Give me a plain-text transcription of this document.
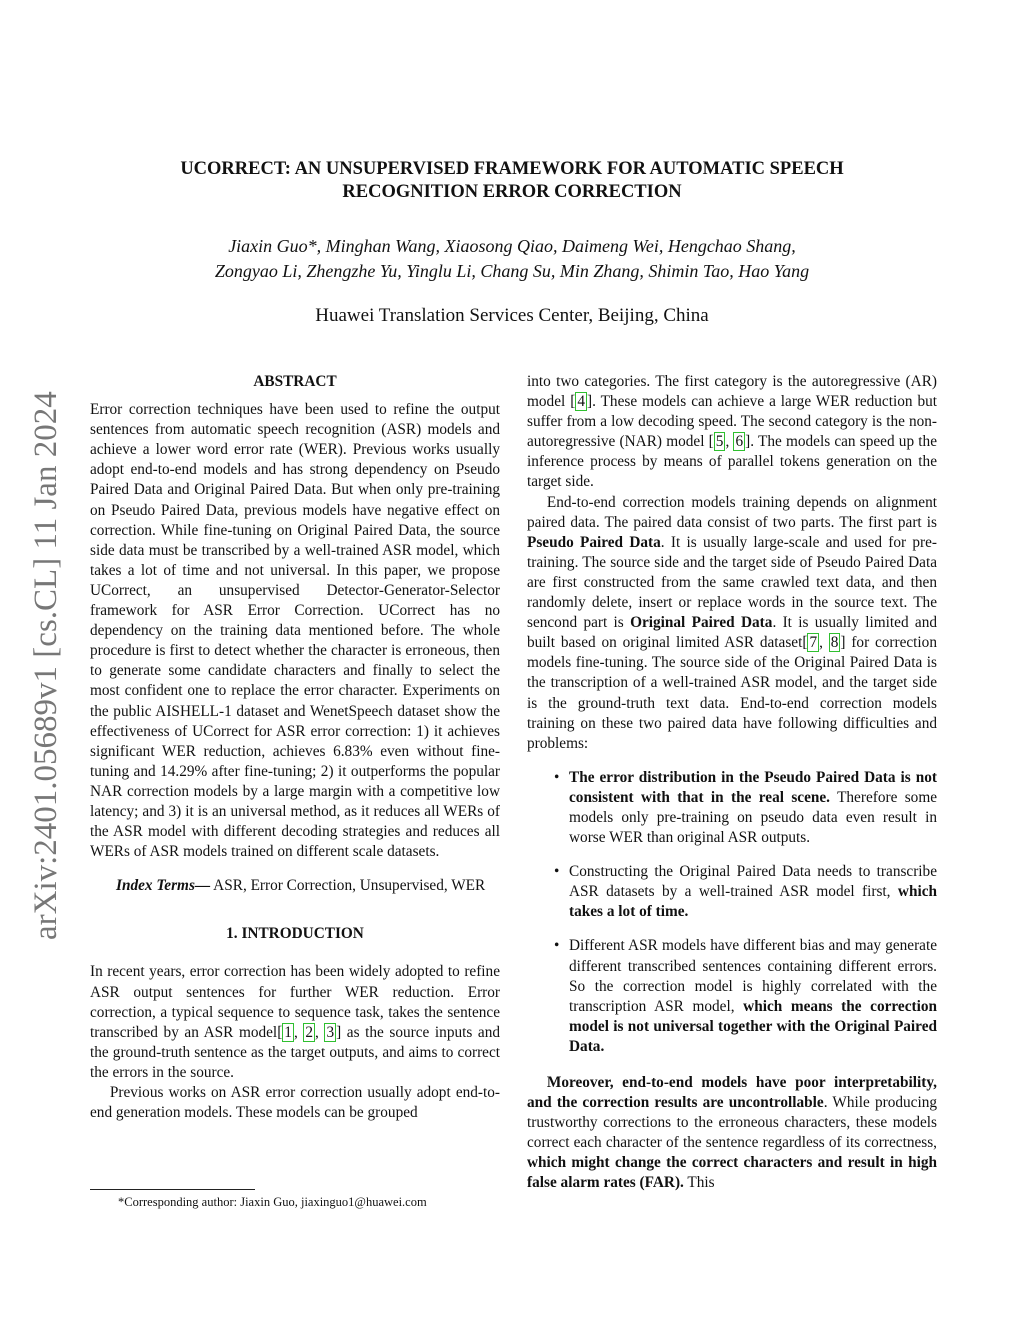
UCORRECT: AN UNSUPERVISED FRAMEWORK FOR AUTOMATIC SPEECH
RECOGNITION ERROR CORRECTION
Jiaxin Guo*, Minghan Wang, Xiaosong Qiao, Daimeng Wei, Hengchao Shang,
Zongyao Li, Zhengzhe Yu, Yinglu Li, Chang Su, Min Zhang, Shimin Tao, Hao Yang
Huawei Translation Services Center, Beijing, China
arXiv:2401.05689v1 [cs.CL] 11 Jan 2024
ABSTRACT

Error correction techniques have been used to refine the output sentences from automatic speech recognition (ASR) models and achieve a lower word error rate (WER). Previous works usually adopt end-to-end models and has strong dependency on Pseudo Paired Data and Original Paired Data. But when only pre-training on Pseudo Paired Data, previous models have negative effect on correction. While fine-tuning on Original Paired Data, the source side data must be transcribed by a well-trained ASR model, which takes a lot of time and not universal. In this paper, we propose UCorrect, an unsupervised Detector-Generator-Selector framework for ASR Error Correction. UCorrect has no dependency on the training data mentioned before. The whole procedure is first to detect whether the character is erroneous, then to generate some candidate characters and finally to select the most confident one to replace the error character. Experiments on the public AISHELL-1 dataset and WenetSpeech dataset show the effectiveness of UCorrect for ASR error correction: 1) it achieves significant WER reduction, achieves 6.83% even without fine-tuning and 14.29% after fine-tuning; 2) it outperforms the popular NAR correction models by a large margin with a competitive low latency; and 3) it is an universal method, as it reduces all WERs of the ASR model with different decoding strategies and reduces all WERs of ASR models trained on different scale datasets.

Index Terms— ASR, Error Correction, Unsupervised, WER

1. INTRODUCTION

In recent years, error correction has been widely adopted to refine ASR output sentences for further WER reduction. Error correction, a typical sequence to sequence task, takes the sentence transcribed by an ASR model[ 1 , 2 , 3 ] as the source inputs and the ground-truth sentence as the target outputs, and aims to correct the errors in the source.

Previous works on ASR error correction usually adopt end-to-end generation models. These models can be grouped

into two categories. The first category is the autoregressive (AR) model [ 4 ]. These models can achieve a large WER reduction but suffer from a low decoding speed. The second category is the non-autoregressive (NAR) model [ 5 , 6 ]. The models can speed up the inference process by means of parallel tokens generation on the target side.

End-to-end correction models training depends on alignment paired data. The paired data consist of two parts. The first part is Pseudo Paired Data. It is usually large-scale and used for pre-training. The source side and the target side of Pseudo Paired Data are first constructed from the same crawled text data, and then randomly delete, insert or replace words in the source text. The sencond part is Original Paired Data. It is usually limited and built based on original limited ASR dataset[ 7 , 8 ] for correction models fine-tuning. The source side of the Original Paired Data is the transcription of a well-trained ASR model, and the target side is the ground-truth text data. End-to-end correction models training on these two paired data have following difficulties and problems:

• The error distribution in the Pseudo Paired Data is not consistent with that in the real scene. Therefore some models only pre-training on pseudo data even result in worse WER than original ASR outputs.
• Constructing the Original Paired Data needs to transcribe ASR datasets by a well-trained ASR model first, which takes a lot of time.
• Different ASR models have different bias and may generate different transcribed sentences containing different errors. So the correction model is highly correlated with the transcription ASR model, which means the correction model is not universal together with the Original Paired Data.

Moreover, end-to-end models have poor interpretability, and the correction results are uncontrollable. While producing trustworthy corrections to the erroneous characters, these models correct each character of the sentence regardless of its correctness, which might change the correct characters and result in high false alarm rates (FAR). This

*Corresponding author: Jiaxin Guo, jiaxinguo1@huawei.com
